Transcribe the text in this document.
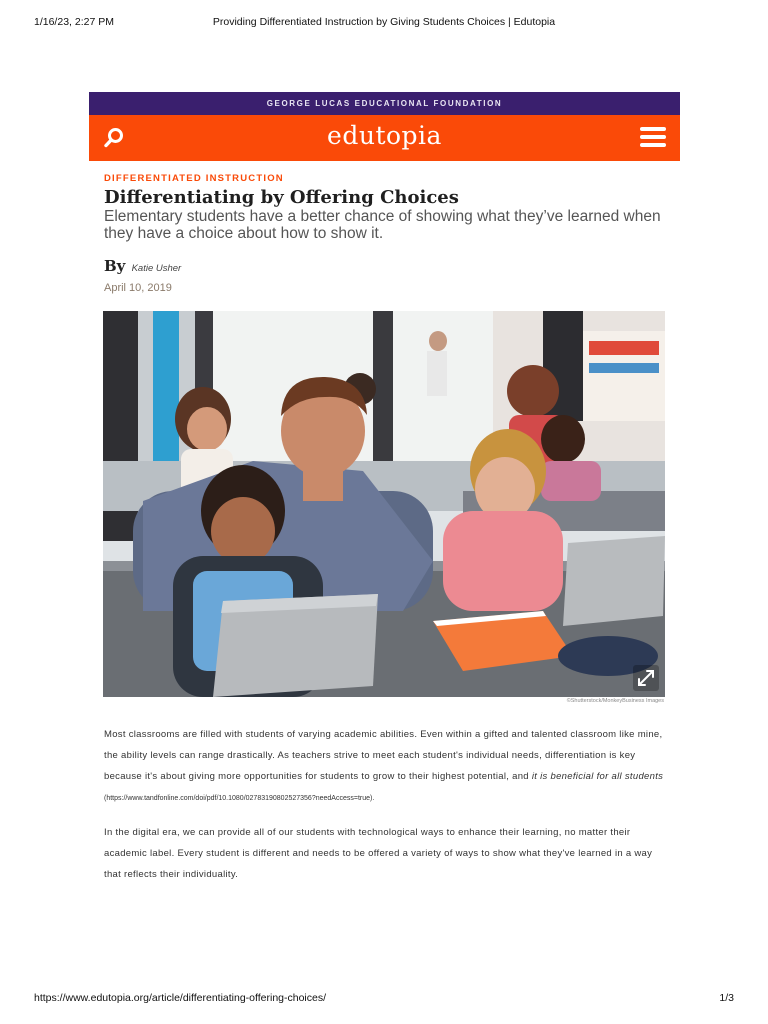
1/16/23, 2:27 PM	Providing Differentiated Instruction by Giving Students Choices | Edutopia
GEORGE LUCAS EDUCATIONAL FOUNDATION
edutopia
DIFFERENTIATED INSTRUCTION
Differentiating by Offering Choices

Elementary students have a better chance of showing what they’ve learned when they have a choice about how to show it.

By Katie Usher
April 10, 2019
©Shutterstock/MonkeyBusiness Images

Most classrooms are filled with students of varying academic abilities. Even within a gifted and talented classroom like mine, the ability levels can range drastically. As teachers strive to meet each student's individual needs, differentiation is key because it's about giving more opportunities for students to grow to their highest potential, and it is beneficial for all students (https://www.tandfonline.com/doi/pdf/10.1080/02783190802527356?needAccess=true).

In the digital era, we can provide all of our students with technological ways to enhance their learning, no matter their academic label. Every student is different and needs to be offered a variety of ways to show what they've learned in a way that reflects their individuality.

https://www.edutopia.org/article/differentiating-offering-choices/	1/3
